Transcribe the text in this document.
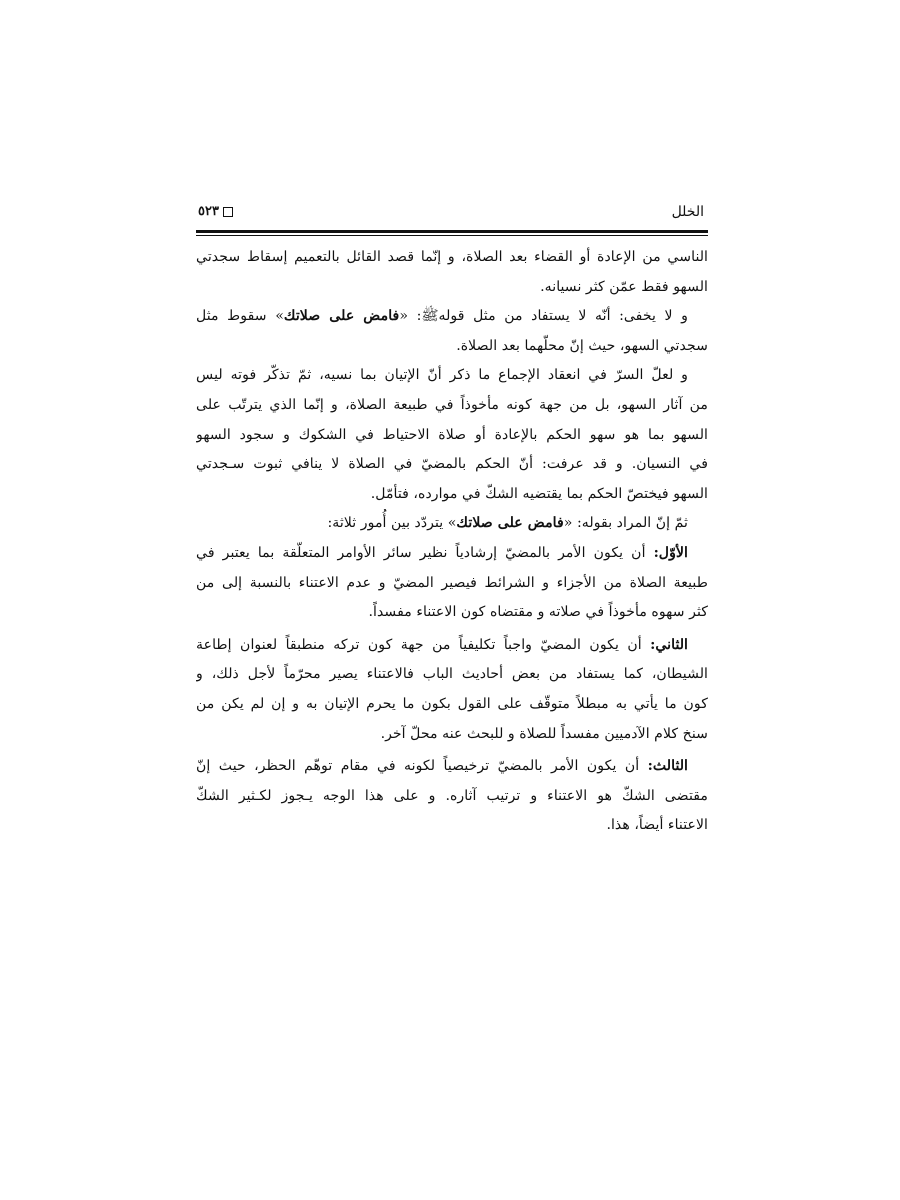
الخلل
٥٢٣
الناسي من الإعادة أو القضاء بعد الصلاة، و إنّما قصد القائل بالتعميم إسقاط سجدتي
السهو فقط عمّن كثر نسيانه.
و لا يخفى: أنّه لا يستفاد من مثل قولهﷺ: «فامض على صلاتك» سقوط مثل
سجدتي السهو، حيث إنّ محلّهما بعد الصلاة.
و لعلّ السرّ في انعقاد الإجماع ما ذكر أنّ الإتيان بما نسيه، ثمّ تذكّر فوته ليس
من آثار السهو، بل من جهة كونه مأخوذاً في طبيعة الصلاة، و إنّما الذي يترتّب على
السهو بما هو سهو الحكم بالإعادة أو صلاة الاحتياط في الشكوك و سجود السهو
في النسيان. و قد عرفت: أنّ الحكم بالمضيّ في الصلاة لا ينافي ثبوت سـجدتي
السهو فيختصّ الحكم بما يقتضيه الشكّ في موارده، فتأمّل.
ثمّ إنّ المراد بقوله: «فامض على صلاتك» يتردّد بين أُمور ثلاثة:
الأوّل: أن يكون الأمر بالمضيّ إرشادياً نظير سائر الأوامر المتعلّقة بما يعتبر في
طبيعة الصلاة من الأجزاء و الشرائط فيصير المضيّ و عدم الاعتناء بالنسبة إلى من
كثر سهوه مأخوذاً في صلاته و مقتضاه كون الاعتناء مفسداً.
الثاني: أن يكون المضيّ واجباً تكليفياً من جهة كون تركه منطبقاً لعنوان إطاعة
الشيطان، كما يستفاد من بعض أحاديث الباب فالاعتناء يصير محرّماً لأجل ذلك، و
كون ما يأتي به مبطلاً متوقّف على القول بكون ما يحرم الإتيان به و إن لم يكن من
سنخ كلام الآدميين مفسداً للصلاة و للبحث عنه محلّ آخر.
الثالث: أن يكون الأمر بالمضيّ ترخيصياً لكونه في مقام توهّم الحظر، حيث إنّ
مقتضى الشكّ هو الاعتناء و ترتيب آثاره. و على هذا الوجه يـجوز لكـثير الشكّ
الاعتناء أيضاً، هذا.
